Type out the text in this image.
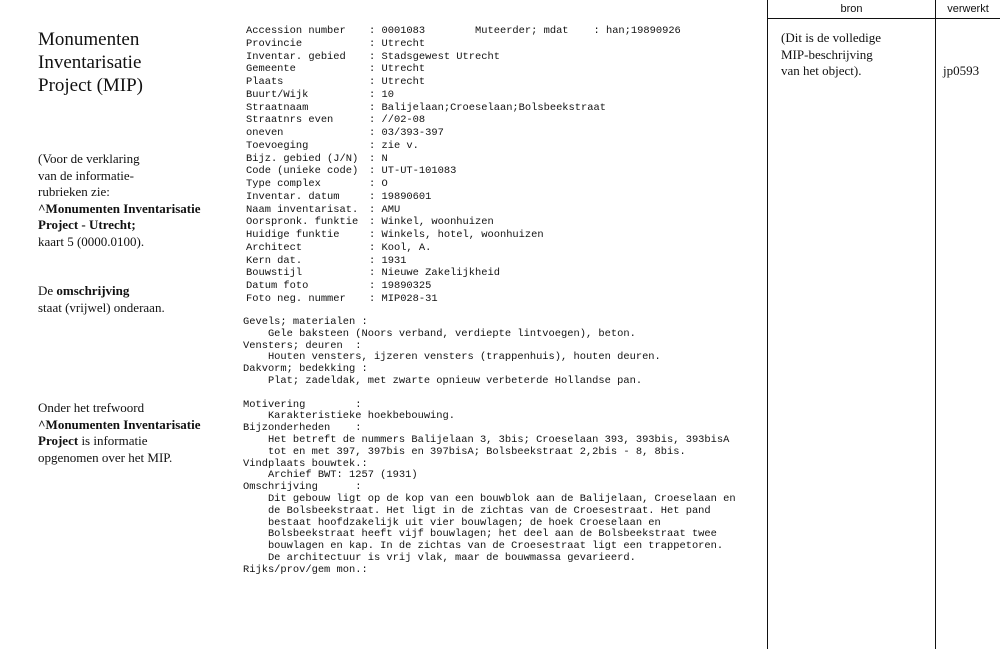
Monumenten
Inventarisatie
Project (MIP)
(Voor de verklaring
van de informatie-
rubrieken zie:
^Monumenten Inventarisatie
Project - Utrecht;
kaart 5 (0000.0100).
De omschrijving
staat (vrijwel) onderaan.
Onder het trefwoord
^Monumenten Inventarisatie
Project is informatie
opgenomen over het MIP.
Accession number : 0001083        Muteerder; mdat    : han;19890926
Provincie	: Utrecht
Inventar. gebied : Stadsgewest Utrecht
Gemeente	: Utrecht
Plaats	: Utrecht
Buurt/Wijk	: 10
Straatnaam	: Balijelaan;Croeselaan;Bolsbeekstraat
Straatnrs even	: //02-08
oneven	: 03/393-397
Toevoeging	: zie v.
Bijz. gebied (J/N) : N
Code (unieke code) : UT-UT-101083
Type complex	: O
Inventar. datum	: 19890601
Naam inventarisat. : AMU
Oorspronk. funktie : Winkel, woonhuizen
Huidige funktie	: Winkels, hotel, woonhuizen
Architect	: Kool, A.
Kern dat.	: 1931
Bouwstijl	: Nieuwe Zakelijkheid
Datum foto	: 19890325
Foto neg. nummer : MIP028-31
Gevels; materialen :
Gele baksteen (Noors verband, verdiepte lintvoegen), beton.
Vensters; deuren  :
Houten vensters, ijzeren vensters (trappenhuis), houten deuren.
Dakvorm; bedekking :
Plat; zadeldak, met zwarte opnieuw verbeterde Hollandse pan.
Motivering        :
Karakteristieke hoekbebouwing.
Bijzonderheden    :
Het betreft de nummers Balijelaan 3, 3bis; Croeselaan 393, 393bis, 393bisA
tot en met 397, 397bis en 397bisA; Bolsbeekstraat 2,2bis - 8, 8bis.
Vindplaats bouwtek.:
Archief BWT: 1257 (1931)
Omschrijving      :
Dit gebouw ligt op de kop van een bouwblok aan de Balijelaan, Croeselaan en
de Bolsbeekstraat. Het ligt in de zichtas van de Croesestraat. Het pand
bestaat hoofdzakelijk uit vier bouwlagen; de hoek Croeselaan en
Bolsbeekstraat heeft vijf bouwlagen; het deel aan de Bolsbeekstraat twee
bouwlagen en kap. In de zichtas van de Croesestraat ligt een trappetoren.
De architectuur is vrij vlak, maar de bouwmassa gevarieerd.
Rijks/prov/gem mon.:
bron	verwerkt
(Dit is de volledige
MIP-beschrijving
van het object).	jp0593
